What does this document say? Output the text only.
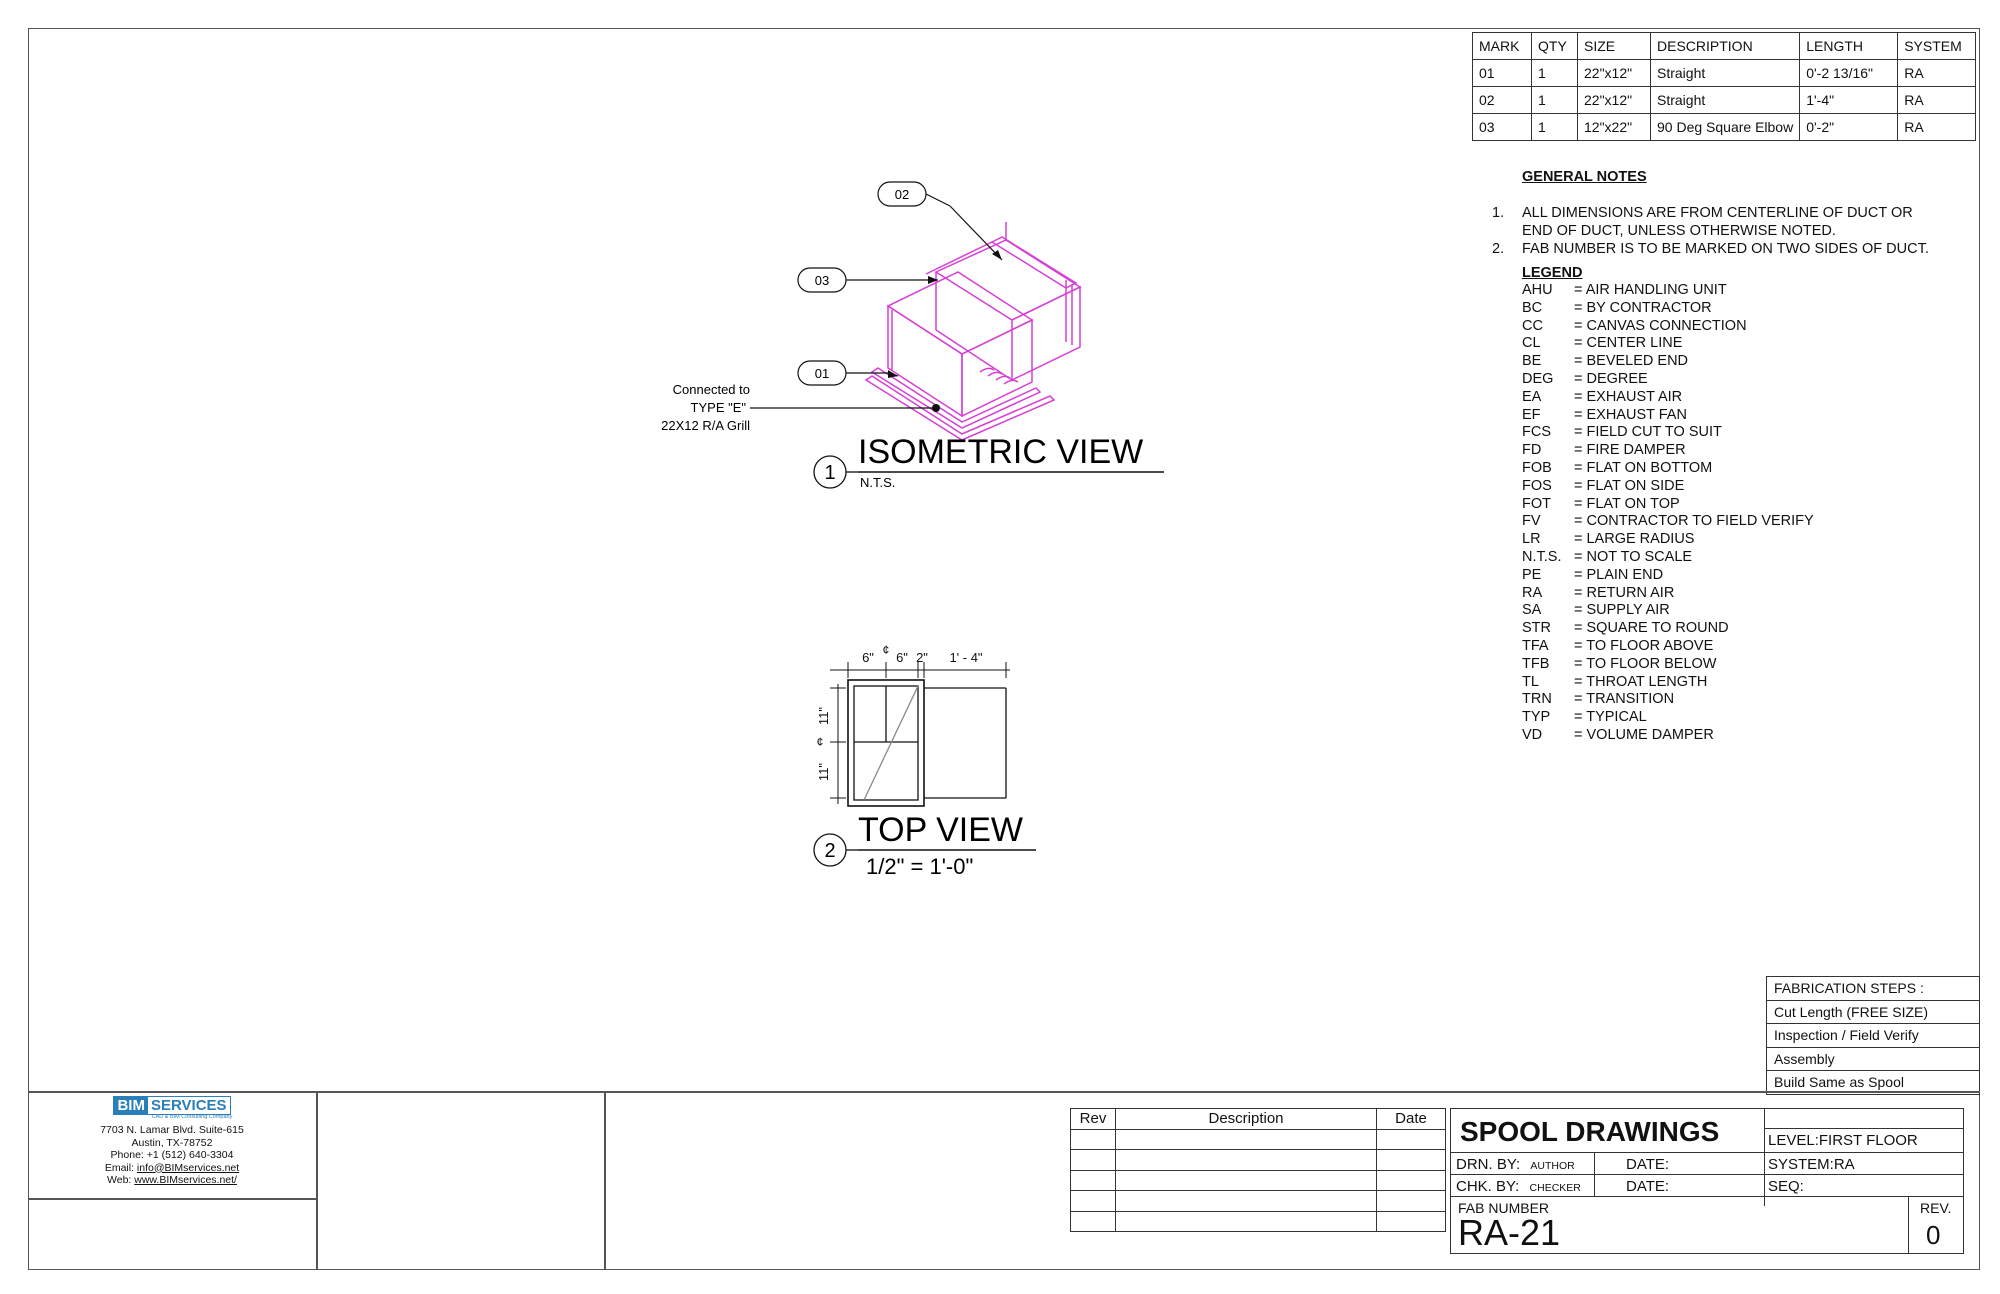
MARK	QTY	SIZE	DESCRIPTION	LENGTH	SYSTEM
01	1	22"x12"	Straight	0'-2 13/16"	RA
02	1	22"x12"	Straight	1'-4"	RA
03	1	12"x22"	90 Deg Square Elbow	0'-2"	RA
GENERAL NOTES
1.	ALL DIMENSIONS ARE FROM CENTERLINE OF DUCT OR
END OF DUCT, UNLESS OTHERWISE NOTED.
2.	FAB NUMBER IS TO BE MARKED ON TWO SIDES OF DUCT.
LEGEND
AHU	= AIR HANDLING UNIT
BC	= BY CONTRACTOR
CC	= CANVAS CONNECTION
CL	= CENTER LINE
BE	= BEVELED END
DEG	= DEGREE
EA	= EXHAUST AIR
EF	= EXHAUST FAN
FCS	= FIELD CUT TO SUIT
FD	= FIRE DAMPER
FOB	= FLAT ON BOTTOM
FOS	= FLAT ON SIDE
FOT	= FLAT ON TOP
FV	= CONTRACTOR TO FIELD VERIFY
LR	= LARGE RADIUS
N.T.S. = NOT TO SCALE
PE	= PLAIN END
RA	= RETURN AIR
SA	= SUPPLY AIR
STR	= SQUARE TO ROUND
TFA	= TO FLOOR ABOVE
TFB	= TO FLOOR BELOW
TL	= THROAT LENGTH
TRN	= TRANSITION
TYP	= TYPICAL
VD	= VOLUME DAMPER
02
03
01
Connected to
TYPE "E"
22X12 R/A Grill
1
ISOMETRIC VIEW
N.T.S.
6" ¢ 6" 2" 1' - 4"
11"
¢
11"
2
TOP VIEW
1/2" = 1'-0"
FABRICATION STEPS :
Cut Length (FREE SIZE)
Inspection / Field Verify
Assembly
Build Same as Spool
BIM SERVICES
CAD & BIM Consulting Company
7703 N. Lamar Blvd. Suite-615
Austin, TX-78752
Phone: +1 (512) 640-3304
Email: info@BIMservices.net
Web: www.BIMservices.net/
Rev	Description	Date

		SPOOL DRAWINGS	LEVEL:FIRST FLOOR
DRN. BY: AUTHOR	DATE:	SYSTEM:RA
CHK. BY: CHECKER	DATE:	SEQ:
FAB NUMBER
RA-21
REV.
0
